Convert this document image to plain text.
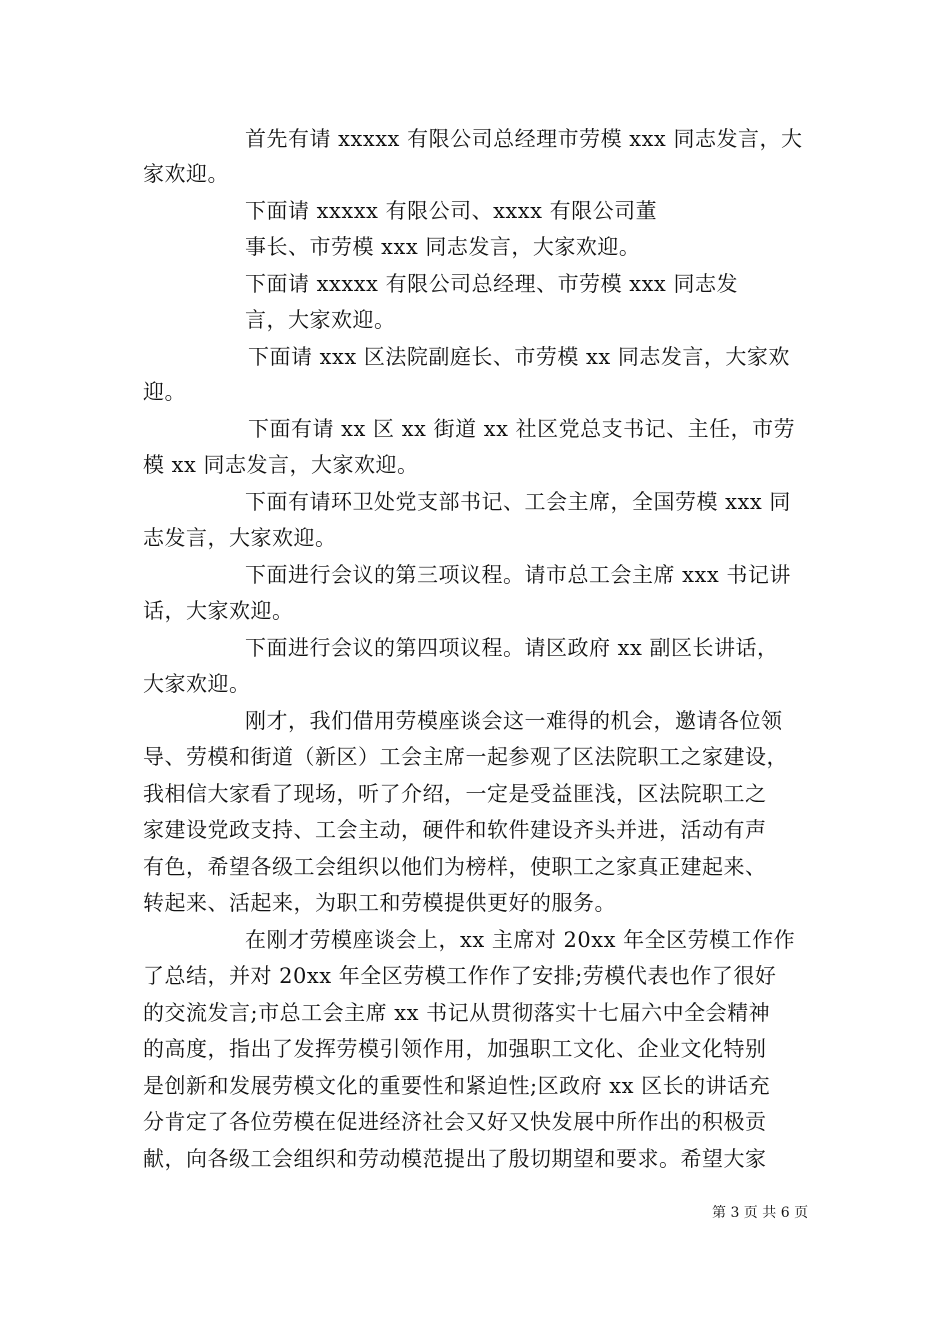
首先有请 xxxxx 有限公司总经理市劳模 xxx 同志发言，大
家欢迎。
下面请 xxxxx 有限公司、xxxx 有限公司董
事长、市劳模 xxx 同志发言，大家欢迎。
下面请 xxxxx 有限公司总经理、市劳模 xxx 同志发
言，大家欢迎。
下面请 xxx 区法院副庭长、市劳模 xx 同志发言，大家欢
迎。
下面有请 xx 区 xx 街道 xx 社区党总支书记、主任，市劳
模 xx 同志发言，大家欢迎。
下面有请环卫处党支部书记、工会主席，全国劳模 xxx 同
志发言，大家欢迎。
下面进行会议的第三项议程。请市总工会主席 xxx 书记讲
话，大家欢迎。
下面进行会议的第四项议程。请区政府 xx 副区长讲话，
大家欢迎。
刚才，我们借用劳模座谈会这一难得的机会，邀请各位领
导、劳模和街道（新区）工会主席一起参观了区法院职工之家建设，
我相信大家看了现场，听了介绍，一定是受益匪浅，区法院职工之
家建设党政支持、工会主动，硬件和软件建设齐头并进，活动有声
有色，希望各级工会组织以他们为榜样，使职工之家真正建起来、
转起来、活起来，为职工和劳模提供更好的服务。
在刚才劳模座谈会上，xx 主席对 20xx 年全区劳模工作作
了总结，并对 20xx 年全区劳模工作作了安排;劳模代表也作了很好
的交流发言;市总工会主席 xx 书记从贯彻落实十七届六中全会精神
的高度，指出了发挥劳模引领作用，加强职工文化、企业文化特别
是创新和发展劳模文化的重要性和紧迫性;区政府 xx 区长的讲话充
分肯定了各位劳模在促进经济社会又好又快发展中所作出的积极贡
献，向各级工会组织和劳动模范提出了殷切期望和要求。希望大家
第 3 页 共 6 页
